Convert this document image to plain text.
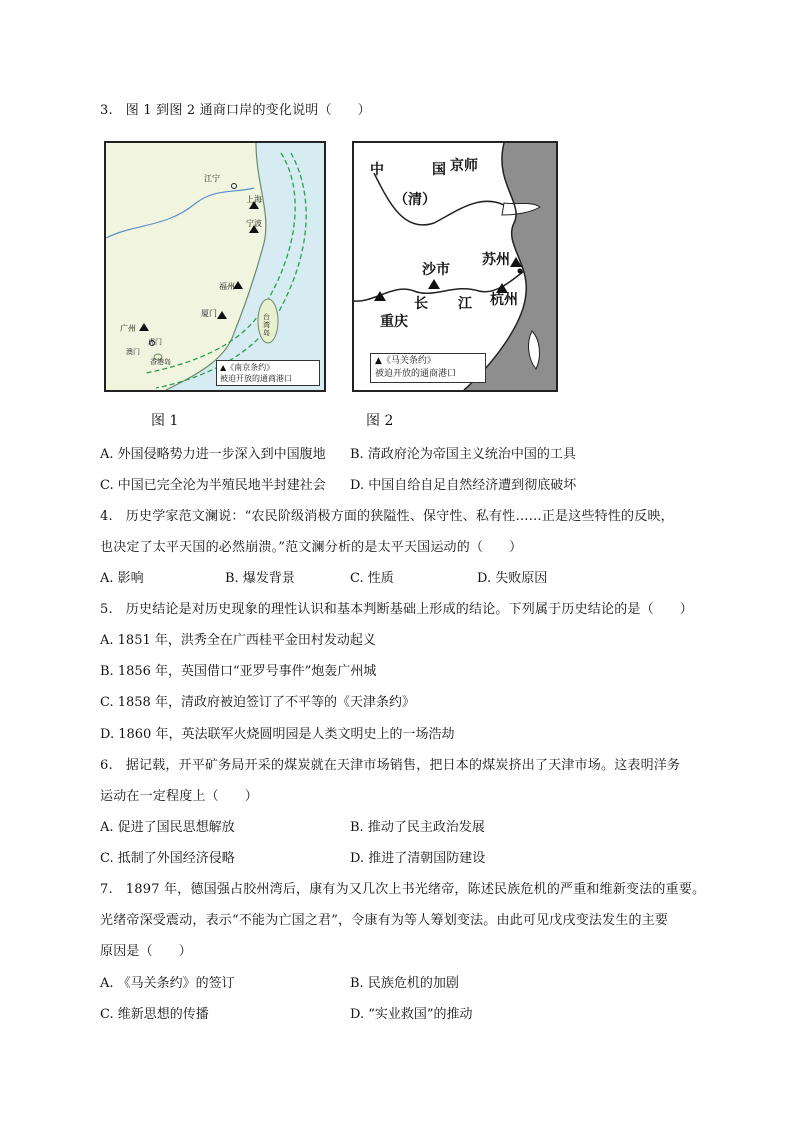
3.   图 1 到图 2 通商口岸的变化说明（      ）
江宁
上海
宁波
福州
厦门
广州
澳门
虎门
香港岛
台湾岛
▲《南京条约》
被迫开放的通商港口
中	国 京师
（清）
苏州
沙市
长 江 杭州
重庆
▲《马关条约》
被迫开放的通商港口
图 1	图 2
A. 外国侵略势力进一步深入到中国腹地 B. 清政府沦为帝国主义统治中国的工具
C. 中国已完全沦为半殖民地半封建社会 D. 中国自给自足自然经济遭到彻底破坏
4.   历史学家范文澜说：“农民阶级消极方面的狭隘性、保守性、私有性……正是这些特性的反映，
也决定了太平天国的必然崩溃。”范文澜分析的是太平天国运动的（      ）
A. 影响	B. 爆发背景	C. 性质	D. 失败原因
5.   历史结论是对历史现象的理性认识和基本判断基础上形成的结论。下列属于历史结论的是（      ）
A. 1851 年，洪秀全在广西桂平金田村发动起义
B. 1856 年，英国借口“亚罗号事件”炮轰广州城
C. 1858 年，清政府被迫签订了不平等的《天津条约》
D. 1860 年，英法联军火烧圆明园是人类文明史上的一场浩劫
6.   据记载，开平矿务局开采的煤炭就在天津市场销售，把日本的煤炭挤出了天津市场。这表明洋务
运动在一定程度上（      ）
A. 促进了国民思想解放	B. 推动了民主政治发展
C. 抵制了外国经济侵略	D. 推进了清朝国防建设
7.   1897 年，德国强占胶州湾后，康有为又几次上书光绪帝，陈述民族危机的严重和维新变法的重要。
光绪帝深受震动，表示“不能为亡国之君”，令康有为等人筹划变法。由此可见戊戌变法发生的主要
原因是（      ）
A. 《马关条约》的签订	B. 民族危机的加剧
C. 维新思想的传播	D. “实业救国”的推动
